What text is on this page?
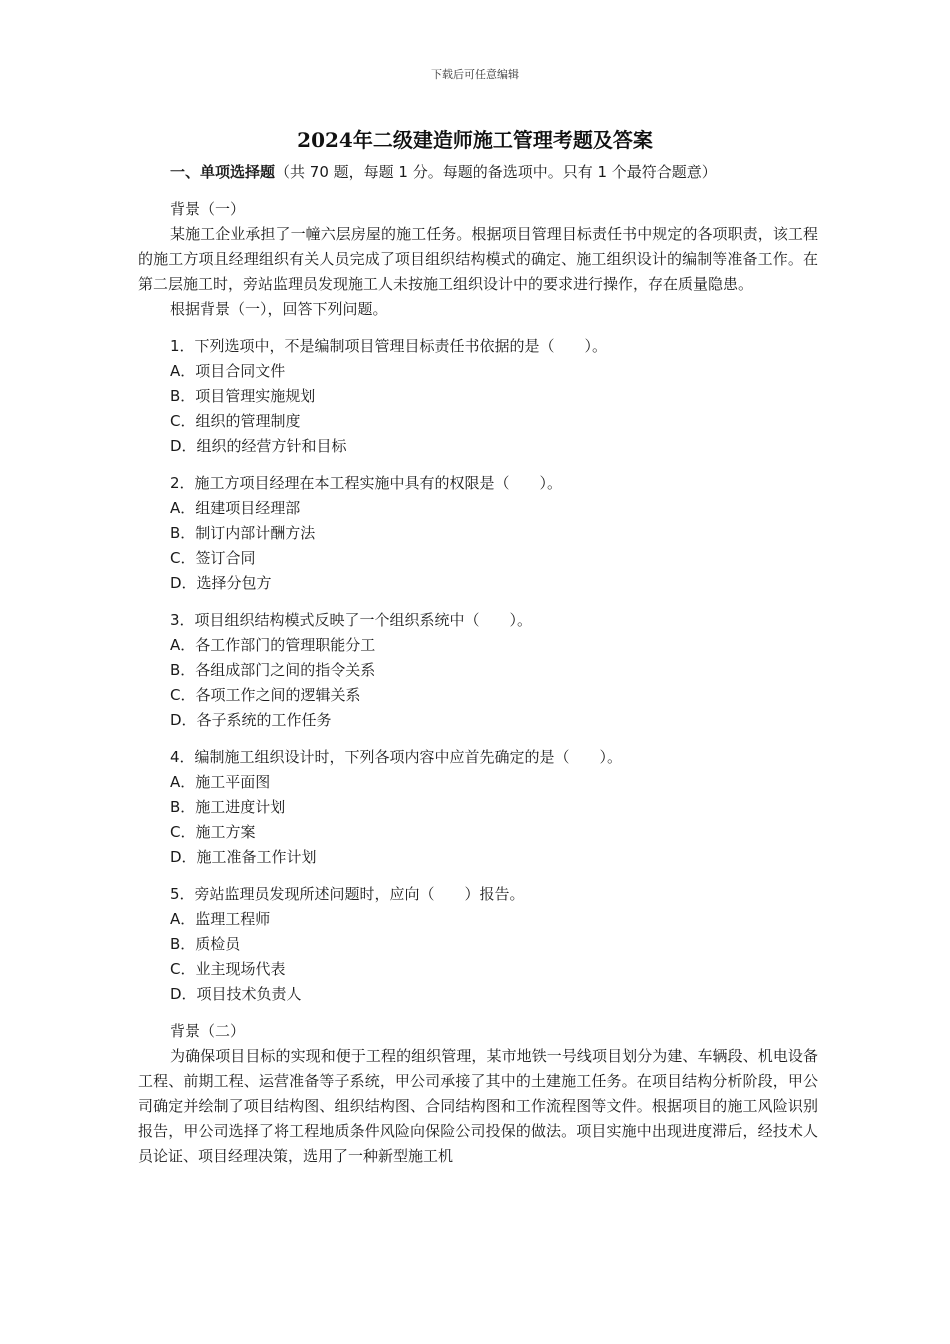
下载后可任意编辑
2024年二级建造师施工管理考题及答案

一、单项选择题（共 70 题，每题 1 分。每题的备选项中。只有 1 个最符合题意）

背景（一）

某施工企业承担了一幢六层房屋的施工任务。根据项目管理目标责任书中规定的各项职责，该工程的施工方项且经理组织有关人员完成了项目组织结构模式的确定、施工组织设计的编制等准备工作。在第二层施工时，旁站监理员发现施工人未按施工组织设计中的要求进行操作，存在质量隐患。

根据背景（一），回答下列问题。

1．下列选项中，不是编制项目管理目标责任书依据的是（　　）。

A．项目合同文件

B．项目管理实施规划

C．组织的管理制度

D．组织的经营方针和目标

2．施工方项目经理在本工程实施中具有的权限是（　　）。

A．组建项目经理部

B．制订内部计酬方法

C．签订合同

D．选择分包方

3．项目组织结构模式反映了一个组织系统中（　　）。

A．各工作部门的管理职能分工

B．各组成部门之间的指令关系

C．各项工作之间的逻辑关系

D．各子系统的工作任务

4．编制施工组织设计时，下列各项内容中应首先确定的是（　　）。

A．施工平面图

B．施工进度计划

C．施工方案

D．施工准备工作计划

5．旁站监理员发现所述问题时，应向（　　）报告。

A．监理工程师

B．质检员

C．业主现场代表

D．项目技术负责人

背景（二）

为确保项目目标的实现和便于工程的组织管理，某市地铁一号线项目划分为建、车辆段、机电设备工程、前期工程、运营准备等子系统，甲公司承接了其中的土建施工任务。在项目结构分析阶段，甲公司确定并绘制了项目结构图、组织结构图、合同结构图和工作流程图等文件。根据项目的施工风险识别报告，甲公司选择了将工程地质条件风险向保险公司投保的做法。项目实施中出现进度滞后，经技术人员论证、项目经理决策，选用了一种新型施工机
